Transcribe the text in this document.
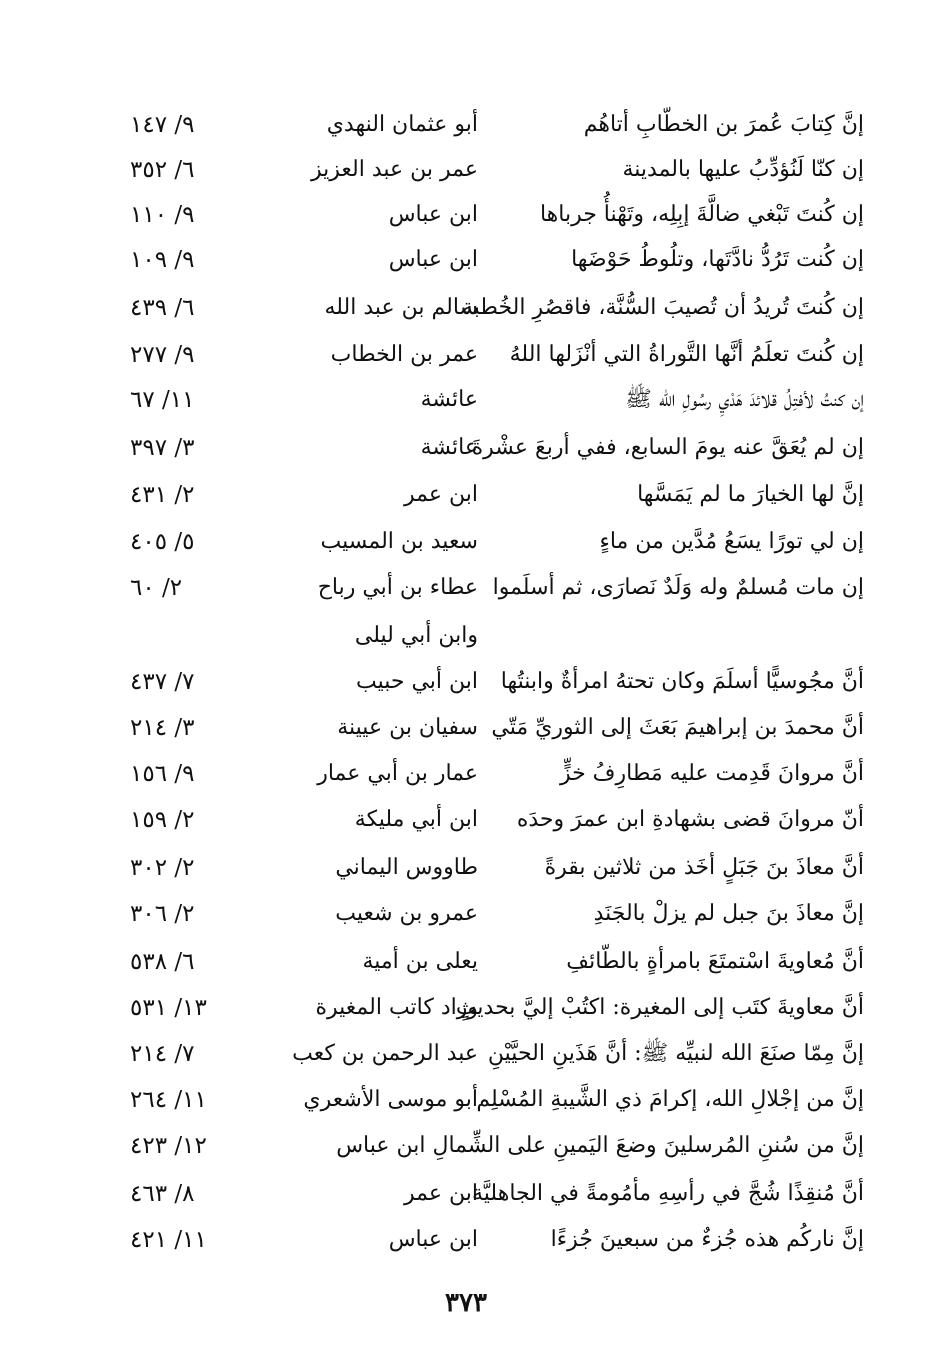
٣٧٣
إنَّ كِتابَ عُمرَ بن الخطّابِ أتاهُم
أبو عثمان النهدي
٩/ ١٤٧
إن كنّا لَنُؤدِّبُ عليها بالمدينة
عمر بن عبد العزيز
٦/ ٣٥٢
إن كُنتَ تَبْغي ضالَّةَ إبِلِه، وتَهْنأُ جرباها
ابن عباس
٩/ ١١٠
إن كُنت تَرُدُّ نادَّتَها، وتلُوطُ حَوْضَها
ابن عباس
٩/ ١٠٩
إن كُنتَ تُريدُ أن تُصيبَ السُّنَّة، فاقصُرِ الخُطبة
سالم بن عبد الله
٦/ ٤٣٩
إن كُنتَ تعلَمُ أنَّها التَّوراةُ التي أنْزَلها اللهُ
عمر بن الخطاب
٩/ ٢٧٧
إن كنتُ لأفتِلُ قلائدَ هَدْيِ رسُولِ الله ﷺ
عائشة
١١/ ٦٧
إن لم يُعَقَّ عنه يومَ السابع، ففي أربعَ عشْرةَ
عائشة
٣/ ٣٩٧
إنَّ لها الخيارَ ما لم يَمَسَّها
ابن عمر
٢/ ٤٣١
إن لي تورًا يسَعُ مُدَّين من ماءٍ
سعيد بن المسيب
٥/ ٤٠٥
إن مات مُسلمٌ وله وَلَدٌ نَصارَى، ثم أسلَموا
عطاء بن أبي رباح
٢/ ٦٠
وابن أبي ليلى
أنَّ مجُوسيًّا أسلَمَ وكان تحتهُ امرأةٌ وابنتُها
ابن أبي حبيب
٧/ ٤٣٧
أنَّ محمدَ بن إبراهيمَ بَعَثَ إلى الثوريِّ مَتّي
سفيان بن عيينة
٣/ ٢١٤
أنَّ مروانَ قَدِمت عليه مَطارِفُ خزٍّ
عمار بن أبي عمار
٩/ ١٥٦
أنّ مروانَ قضى بشهادةِ ابن عمرَ وحدَه
ابن أبي مليكة
٢/ ١٥٩
أنَّ معاذَ بنَ جَبَلٍ أخَذ من ثلاثين بقرةً
طاووس اليماني
٢/ ٣٠٢
إنَّ معاذَ بنَ جبل لم يزلْ بالجَنَدِ
عمرو بن شعيب
٢/ ٣٠٦
أنَّ مُعاويةَ اسْتمتَعَ بامرأةٍ بالطّائفِ
يعلى بن أمية
٦/ ٥٣٨
أنَّ معاويةَ كتَب إلى المغيرة: اكتُبْ إليَّ بحديثٍ
وراد كاتب المغيرة
١٣/ ٥٣١
إنَّ مِمّا صنَعَ الله لنبيِّه ﷺ: أنَّ هَذَينِ الحيَّيْنِ
عبد الرحمن بن كعب
٧/ ٢١٤
إنَّ من إجْلالِ الله، إكرامَ ذي الشَّيبةِ المُسْلِم
أبو موسى الأشعري
١١/ ٢٦٤
إنَّ من سُننِ المُرسلينَ وضعَ اليَمينِ على الشِّمالِ ابن عباس
١٢/ ٤٢٣
أنَّ مُنقِذًا شُجَّ في رأسِهِ مأمُومةً في الجاهليَّة
ابن عمر
٨/ ٤٦٣
إنَّ ناركُم هذه جُزءٌ من سبعينَ جُزءًا
ابن عباس
١١/ ٤٢١
